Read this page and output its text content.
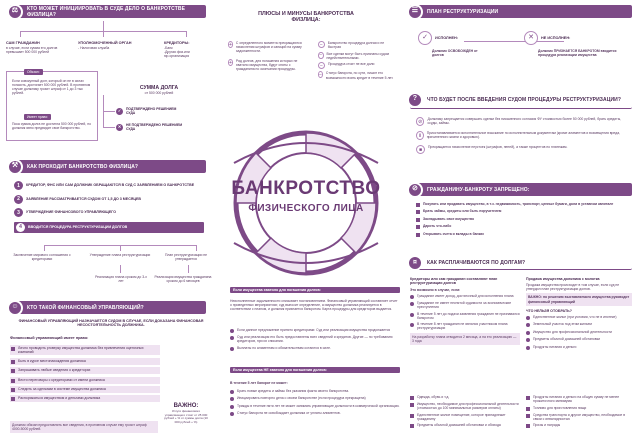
⚖	КТО МОЖЕТ ИНИЦИИРОВАТЬ В СУДЕ ДЕЛО О БАНКРОТСТВЕ ФИЗЛИЦА?
САМ ГРАЖДАНИН
в случае, если сумма его долгов превышает 500 000 рублей
УПОЛНОМОЧЕННЫЙ ОРГАН
- Налоговая служба
КРЕДИТОРЫ:
-Банк
-Другая физ.или юр.организация
Обязан:
Если совокупный долг, который он не в силах погасить, достигает 500 000 рублей. В противном случае должнику грозит штраф от 1 до 3 тыс рублей.
Имеет право:
Пока сумма долга не достигла 500 000 рублей, но должник явно предвидит свое банкротство.
СУММА ДОЛГА
от 500 000 рублей
✓	ПОДТВЕРЖДЕНО РЕШЕНИЕМ СУДА
✕	НЕ ПОДТВЕРЖДЕНО РЕШЕНИЕМ СУДА
⚒	КАК ПРОХОДИТ БАНКРОТСТВО ФИЗЛИЦА?
1	КРЕДИТОР, ФНС ИЛИ САМ ДОЛЖНИК ОБРАЩАЮТСЯ В СУД С ЗАЯВЛЕНИЕМ О БАНКРОТСТВЕ
2	ЗАЯВЛЕНИЕ РАССМАТРИВАЕТСЯ СУДОМ ОТ 1,5 ДО 3 МЕСЯЦЕВ
3	УТВЕРЖДЕНИЕ ФИНАНСОВОГО УПРАВЛЯЮЩЕГО
4	ВВОДИТСЯ ПРОЦЕДУРА РЕСТРУКТУРИЗАЦИИ ДОЛГОВ
Заключение мирового соглашения с кредиторами
Утверждение плана реструктуризации	План реструктуризации не утверждается
Реализация плана сроком до 3-х лет
Реализация имущества гражданина сроком до 6 месяцев
☺	КТО ТАКОЙ ФИНАНСОВЫЙ УПРАВЛЯЮЩИЙ?
ФИНАНСОВЫЙ УПРАВЛЯЮЩИЙ НАЗНАЧАЕТСЯ СУДОМ В СЛУЧАЕ, ЕСЛИ ДОКАЗАНА ФИНАНСОВАЯ НЕСОСТОЯТЕЛЬНОСТЬ ДОЛЖНИКА.
Финансовый управляющий имеет право:
Лично проводить proверку имущества должника без привлечения оценочных компаний
Быть в курсе местонахождения должника
Запрашивать любые сведения о кредиторах
Вести переговоры с кредиторами от имени должника
Следить за сделками в системе имущества должника
Распоряжаться имуществом и деньгами должника
Должник обязан предоставлять все сведения, в противном случае ему грозит штраф 4000-5000 рублей.
ВАЖНО:
Услуги финансового управляющего стоят от 25 000 рублей + % от суммы долга (10 000 рублей + %)
ПЛЮСЫ И МИНУСЫ БАНКРОТСТВА ФИЗЛИЦА:
+ С определенного момента прекращаются начисления штрафов и санкций на сумму задолженности.
+ Ряд долгов, для погашения которых не хватило имущества, будут сняты с гражданина по окончании процедуры.
−	Банкротство процедура долгая и не быстрая
−	Все сделки могут быть признаны судом недействительными.
−	Процедура стоит не все доли
− Статус банкрота, по сути, лишит его возможности взять кредит в течение 5 лет.
БАНКРОТСТВО
ФИЗИЧЕСКОГО ЛИЦА
Если имущества хватило для погашения долгов:
Неисполненные задолженности списывает постановлением. Финансовый управляющий составляет отчет о проведенных мероприятиях; суд выносит определение, а имущество должника реализуется в соответствии с планом, и должник признается банкротом. Карта процедуры для кредиторов выдается.
Если данное предложение принято кредиторами: Суд или реализация имущества продолжается
Суд или реализация его быть предоставлены всех сведений и кредитов. Другие — по требованию кредиторов, при их списании.
Выплаты по алиментам и обязательствам остаются в силе.
Если имущества НЕ хватило для погашения долгов:
В течение 5 лет банкрот не может:
Брать новые кредиты и займы без указания факта своего банкротства.
Инициировать повторно дела о своем банкротстве (если процедура прекращена)
Трижды в течение пяти лет не может занимать управляющие должности в коммерческой организации.
Статус банкрота не освобождает должника от уплаты алиментов.
☰	ПЛАН РЕСТРУКТУРИЗАЦИИ
✓	ИСПОЛНЕН:
Должник ОСВОБОЖДЕН от долгов
✕	НЕ ИСПОЛНЕН:
Должник ПРИЗНАЕТСЯ БАНКРОТОМ вводится процедура реализации имущества
?	ЧТО БУДЕТ ПОСЛЕ ВВЕДЕНИЯ СУДОМ ПРОЦЕДУРЫ РЕСТРУКТУРИЗАЦИИ?
⊘	Должнику запрещается совершать сделки без письменного согласия ФУ стоимостью более 50 000 рублей, брать кредиты, ссуды, займы.
Ⅱ	Приостанавливается исполнительное взыскание по исполнительным документам (кроме алиментов и возмещения вреда, причиненного жизни и здоровью).
■	Прекращается начисление неустоек (штрафов, пеней), а также процентов по платежам.
⊘	ГРАЖДАНИНУ-БАНКРОТУ ЗАПРЕЩЕНО:
Покупать или продавать имущество, в т.ч. недвижимость, транспорт, ценные бумаги, доли в уставном капитале
Брать займы, кредиты или быть поручителем
Закладывать свое имущество
Дарить что-либо
Открывать счета и вклады в банках
¤	КАК РАСПЛАЧИВАЮТСЯ ПО ДОЛГАМ?
Кредиторы или сам гражданин составляют план реструктуризации долгов
Это возможно в случае, если:
Гражданин имеет доход, достаточный для исполнения плана
Гражданин не имеет неснятой судимости за экономические преступления
В течение 5 лет до подачи заявления гражданин не признавался банкротом
В течение 8 лет гражданин не являлся участником плана реструктуризации
На разработку плана отводится 2 месяца, а на его реализацию — 3 года
Продажа имущества должника с молотка
Продажа имущества происходит в том случае, если суд не утвердил план реструктуризации долгов.
ВАЖНО: по решению выставляемого имущества руководит финансовый управляющий
ЧТО НЕЛЬЗЯ ОТОБРАТЬ?
Единственное жилье (при условии, что не в ипотеке)
Земельный участок под этим жильем
Имущество для профессиональной деятельности
Предметы обычной домашней обстановки
Продукты питания и деньги
Одежда, обувь и т.д.
Имущество, необходимое для профессиональной деятельности (стоимостью до 100 минимальных размеров оплаты)
Единственное жилое помещение, которое принадлежит гражданину
Предметы обычной домашней обстановки и обихода
Продукты питания и деньги на общую сумму не менее прожиточного минимума
Топливо для приготовления пищи
Средства транспорта и другое имущество, необходимое в связи с инвалидностью
Призы и награды
